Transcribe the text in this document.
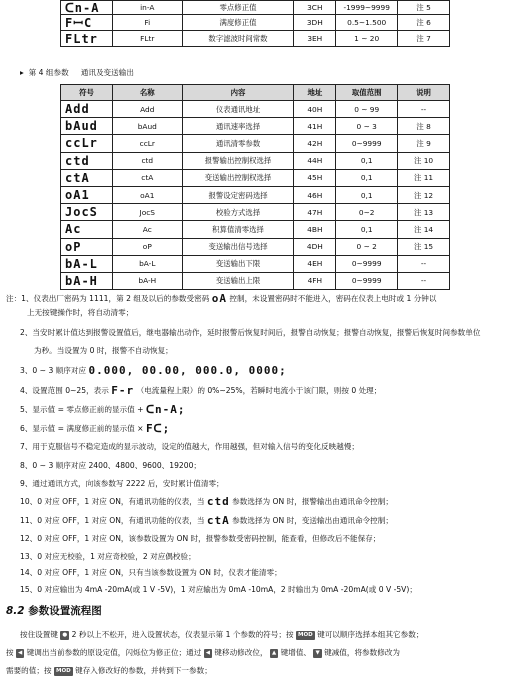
ᑕn-A	in-A	零点修正值	3CH	-1999~9999	注 5
FꟷC	Fi	满度修正值	3DH	0.5~1.500	注 6
FLtr	FLtr	数字滤波时间常数	3EH	1 ~ 20	注 7
▸ 第 4 组参数 通讯及变送输出
符号	名称	内容	地址	取值范围	说明
Add	Add	仪表通讯地址	40H	0 ~ 99	--
bAud	bAud	通讯速率选择	41H	0 ~ 3	注 8
ccLr	ccLr	通讯清零参数	42H	0~9999	注 9
ctd	ctd	报警输出控制权选择	44H	0,1	注 10
ctA	ctA	变送输出控制权选择	45H	0,1	注 11
oA1	oA1	报警设定密码选择	46H	0,1	注 12
JocS	JocS	校验方式选择	47H	0~2	注 13
Ac	Ac	积算值清零选择	4BH	0,1	注 14
oP	oP	变送输出信号选择	4DH	0 ~ 2	注 15
bA-L	bA-L	变送输出下限	4EH	0~9999	--
bA-H	bA-H	变送输出上限	4FH	0~9999	--
注：1、仪表出厂密码为 1111，第 2 组及以后的参数受密码 oA 控制，未设置密码时不能进入，密码在仪表上电时或 1 分钟以
上无按键操作时，将自动清零；
2、当安时累计值达到报警设置值后，继电器输出动作，延时报警后恢复时间后，报警自动恢复；报警自动恢复，报警后恢复时间参数单位
为秒。当设置为 0 时，报警不自动恢复；
3、0 ~ 3 顺序对应 0.000, 00.00, 000.0, 0000;
4、设置范围 0~25，表示 F-r （电流量程上限）的 0%~25%，若瞬时电流小于该门限，则按 0 处理；
5、显示值 = 零点修正前的显示值 + ᑕn-A;
6、显示值 = 满度修正前的显示值 × Fᑕ;
7、用于克服信号不稳定造成的显示波动，设定的值越大，作用越强，但对输入信号的变化反映越慢；
8、0 ~ 3 顺序对应 2400、4800、9600、19200；
9、通过通讯方式，向该参数写 2222 后，安时累计值清零；
10、0 对应 OFF，1 对应 ON，有通讯功能的仪表，当 ctd 参数选择为 ON 时，报警输出由通讯命令控制；
11、0 对应 OFF，1 对应 ON，有通讯功能的仪表，当 ctA 参数选择为 ON 时，变送输出由通讯命令控制；
12、0 对应 OFF，1 对应 ON，该参数设置为 ON 时，报警参数受密码控制，能查看，但修改后不能保存；
13、0 对应无校验，1 对应奇校验，2 对应偶校验；
14、0 对应 OFF，1 对应 ON，只有当该参数设置为 ON 时，仪表才能清零；
15、0 对应输出为 4mA -20mA(或 1 V -5V)，1 对应输出为 0mA -10mA，2 时输出为 0mA -20mA(或 0 V -5V)；
8.2 参数设置流程图
按住设置键 ● 2 秒以上不松开，进入设置状态，仪表显示第 1 个参数的符号；按 MOD 键可以顺序选择本组其它参数；
按 ◀ 键调出当前参数的原设定值，闪烁位为修正位；通过 ◀ 键移动修改位， ▲ 键增值、 ▼ 键减值，将参数修改为
需要的值；按 MOD 键存入修改好的参数，并转到下一参数；
